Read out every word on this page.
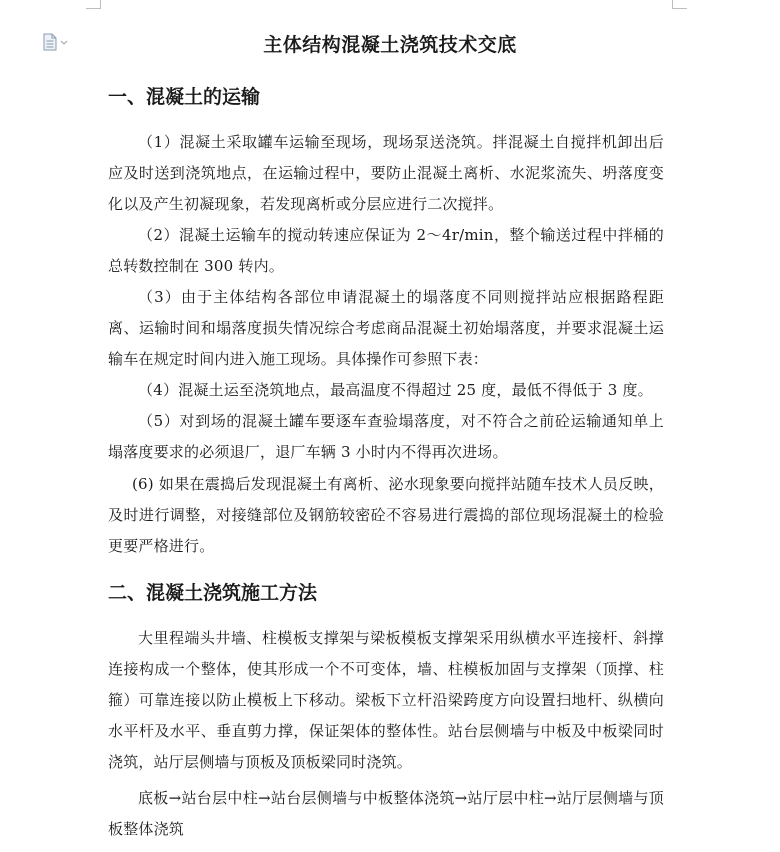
主体结构混凝土浇筑技术交底
一、混凝土的运输

（1）混凝土采取罐车运输至现场，现场泵送浇筑。拌混凝土自搅拌机卸出后应及时送到浇筑地点，在运输过程中，要防止混凝土离析、水泥浆流失、坍落度变化以及产生初凝现象，若发现离析或分层应进行二次搅拌。

（2）混凝土运输车的搅动转速应保证为 2～4r/min，整个输送过程中拌桶的总转数控制在 300 转内。

（3）由于主体结构各部位申请混凝土的塌落度不同则搅拌站应根据路程距离、运输时间和塌落度损失情况综合考虑商品混凝土初始塌落度，并要求混凝土运输车在规定时间内进入施工现场。具体操作可参照下表：

（4）混凝土运至浇筑地点，最高温度不得超过 25 度，最低不得低于 3 度。

（5）对到场的混凝土罐车要逐车查验塌落度，对不符合之前砼运输通知单上塌落度要求的必须退厂，退厂车辆 3 小时内不得再次进场。

(6) 如果在震捣后发现混凝土有离析、泌水现象要向搅拌站随车技术人员反映，及时进行调整，对接缝部位及钢筋较密砼不容易进行震捣的部位现场混凝土的检验更要严格进行。

二、混凝土浇筑施工方法

大里程端头井墙、柱模板支撑架与梁板模板支撑架采用纵横水平连接杆、斜撑连接构成一个整体，使其形成一个不可变体，墙、柱模板加固与支撑架（顶撑、柱箍）可靠连接以防止模板上下移动。梁板下立杆沿梁跨度方向设置扫地杆、纵横向水平杆及水平、垂直剪力撑，保证架体的整体性。站台层侧墙与中板及中板梁同时浇筑，站厅层侧墙与顶板及顶板梁同时浇筑。

底板→站台层中柱→站台层侧墙与中板整体浇筑→站厅层中柱→站厅层侧墙与顶板整体浇筑
